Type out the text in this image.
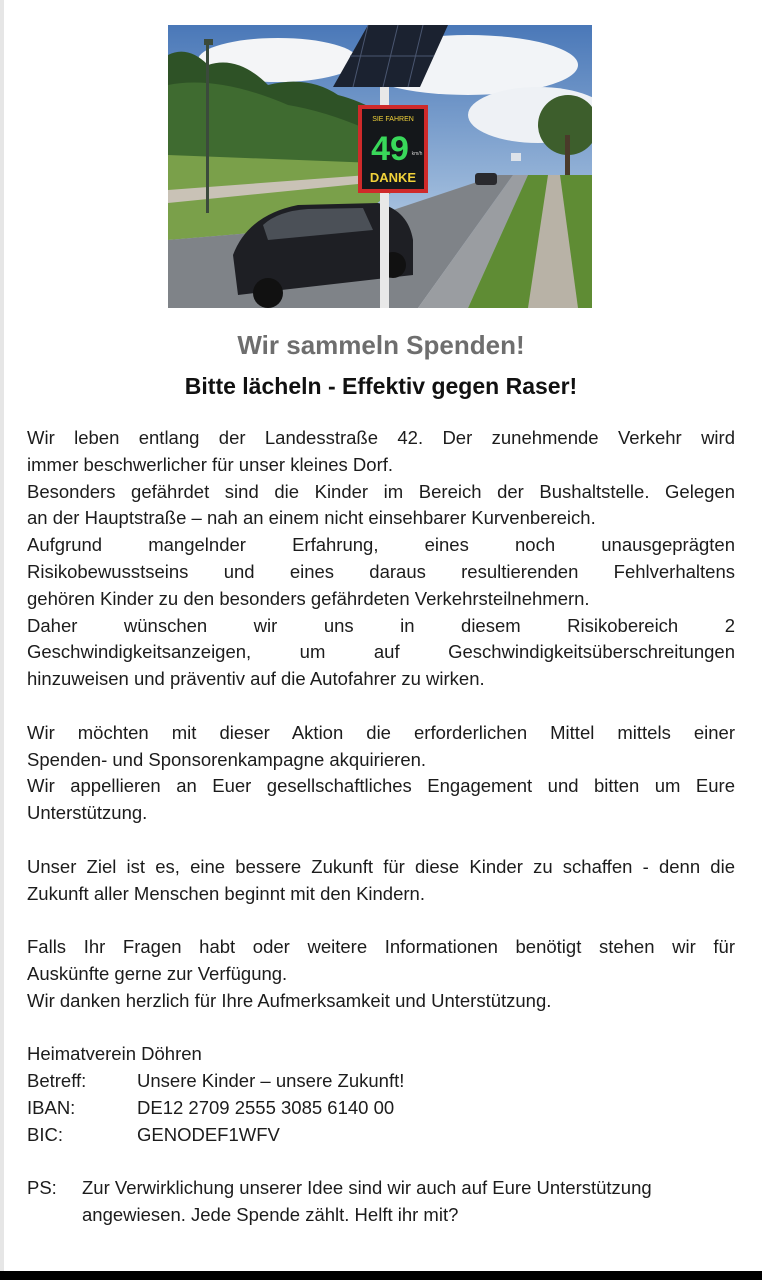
SIE FAHREN
49 km/h
DANKE
Wir sammeln Spenden!
Bitte lächeln - Effektiv gegen Raser!
Wir leben entlang der Landesstraße 42. Der zunehmende Verkehr wird
immer beschwerlicher für unser kleines Dorf.
Besonders gefährdet sind die Kinder im Bereich der Bushaltstelle. Gelegen
an der Hauptstraße – nah an einem nicht einsehbarer Kurvenbereich.
Aufgrund mangelnder Erfahrung, eines noch unausgeprägten
Risikobewusstseins und eines daraus resultierenden Fehlverhaltens
gehören Kinder zu den besonders gefährdeten Verkehrsteilnehmern.
Daher wünschen wir uns in diesem Risikobereich 2
Geschwindigkeitsanzeigen, um auf Geschwindigkeitsüberschreitungen
hinzuweisen und präventiv auf die Autofahrer zu wirken.
Wir möchten mit dieser Aktion die erforderlichen Mittel mittels einer
Spenden- und Sponsorenkampagne akquirieren.
Wir appellieren an Euer gesellschaftliches Engagement und bitten um Eure
Unterstützung.
Unser Ziel ist es, eine bessere Zukunft für diese Kinder zu schaffen - denn die
Zukunft aller Menschen beginnt mit den Kindern.
Falls Ihr Fragen habt oder weitere Informationen benötigt stehen wir für
Auskünfte gerne zur Verfügung.
Wir danken herzlich für Ihre Aufmerksamkeit und Unterstützung.
Heimatverein Döhren
Betreff:	Unsere Kinder – unsere Zukunft!
IBAN:	DE12 2709 2555 3085 6140 00
BIC:	GENODEF1WFV
PS:	Zur Verwirklichung unserer Idee sind wir auch auf Eure Unterstützung
angewiesen. Jede Spende zählt. Helft ihr mit?
